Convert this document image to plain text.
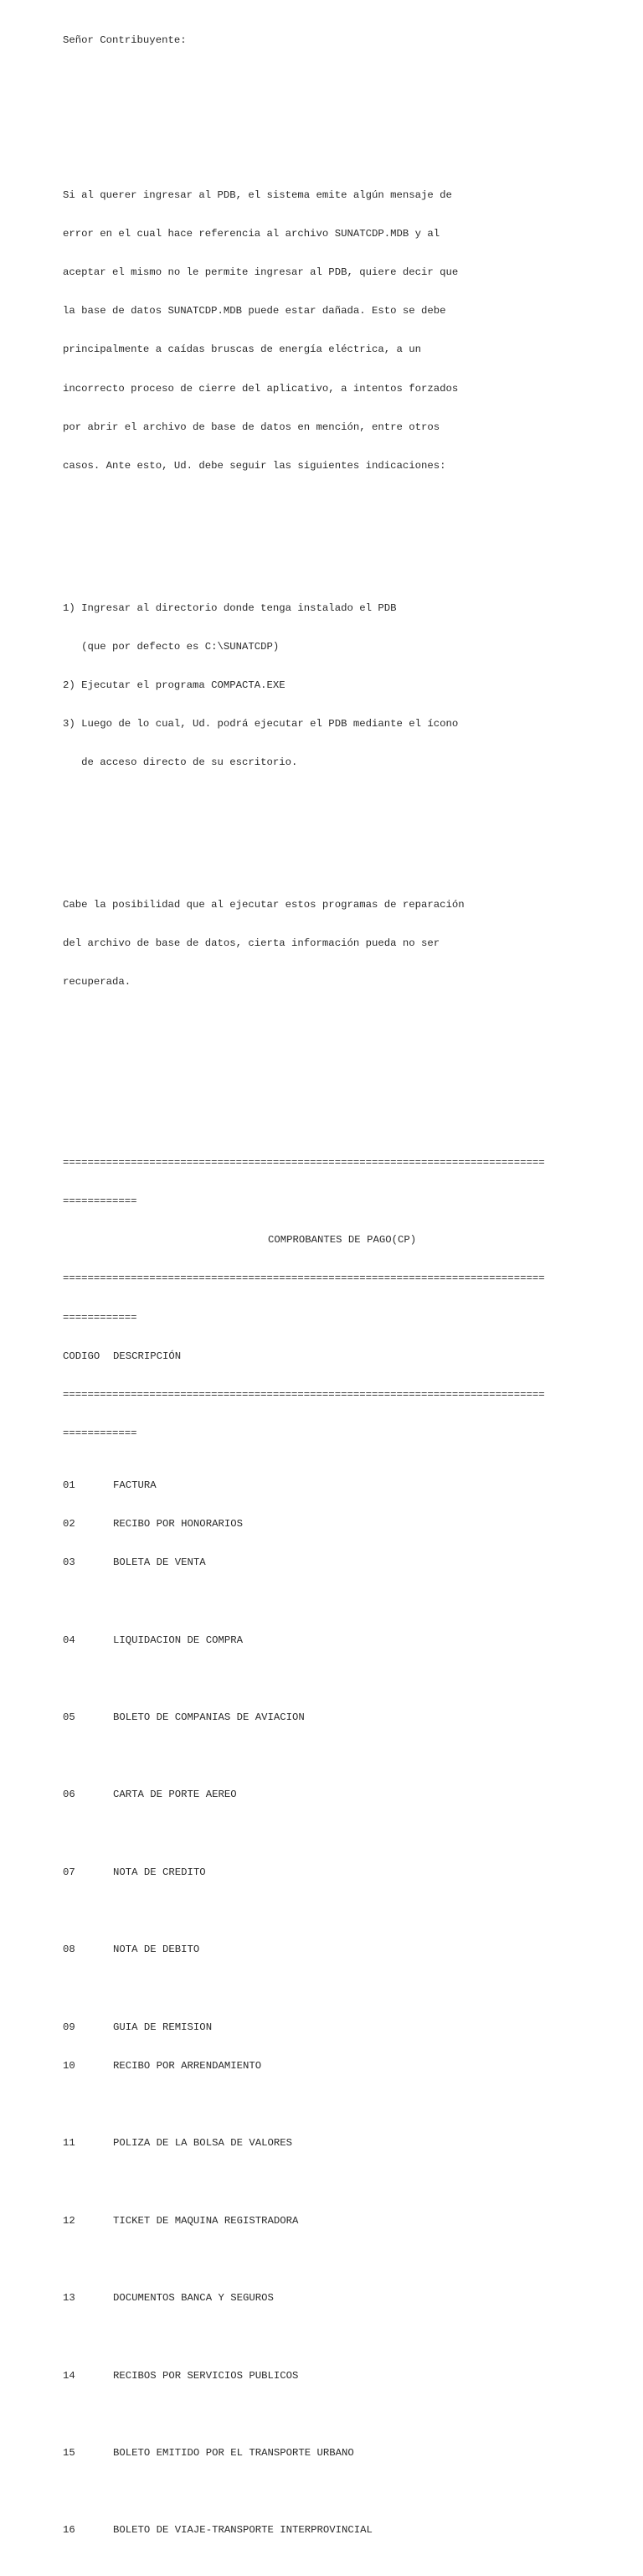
Señor Contribuyente:

Si al querer ingresar al PDB, el sistema emite algún mensaje de

error en el cual hace referencia al archivo SUNATCDP.MDB y al

aceptar el mismo no le permite ingresar al PDB, quiere decir que

la base de datos SUNATCDP.MDB puede estar dañada. Esto se debe

principalmente a caídas bruscas de energía eléctrica, a un

incorrecto proceso de cierre del aplicativo, a intentos forzados

por abrir el archivo de base de datos en mención, entre otros

casos. Ante esto, Ud. debe seguir las siguientes indicaciones:

1) Ingresar al directorio donde tenga instalado el PDB

(que por defecto es C:\SUNATCDP)

2) Ejecutar el programa COMPACTA.EXE

3) Luego de lo cual, Ud. podrá ejecutar el PDB mediante el ícono

de acceso directo de su escritorio.

Cabe la posibilidad que al ejecutar estos programas de reparación

del archivo de base de datos, cierta información pueda no ser

recuperada.

==============================================================================

============

COMPROBANTES DE PAGO(CP)

==============================================================================

============

CODIGO DESCRIPCIÓN

==============================================================================

============

01	FACTURA

02	RECIBO POR HONORARIOS

03	BOLETA DE VENTA

04	LIQUIDACION DE COMPRA

05	BOLETO DE COMPANIAS DE AVIACION

06	CARTA DE PORTE AEREO

07	NOTA DE CREDITO

08	NOTA DE DEBITO

09	GUIA DE REMISION

10	RECIBO POR ARRENDAMIENTO

11	POLIZA DE LA BOLSA DE VALORES

12	TICKET DE MAQUINA REGISTRADORA

13	DOCUMENTOS BANCA Y SEGUROS

14	RECIBOS POR SERVICIOS PUBLICOS

15	BOLETO EMITIDO POR EL TRANSPORTE URBANO

16	BOLETO DE VIAJE-TRANSPORTE INTERPROVINCIAL
